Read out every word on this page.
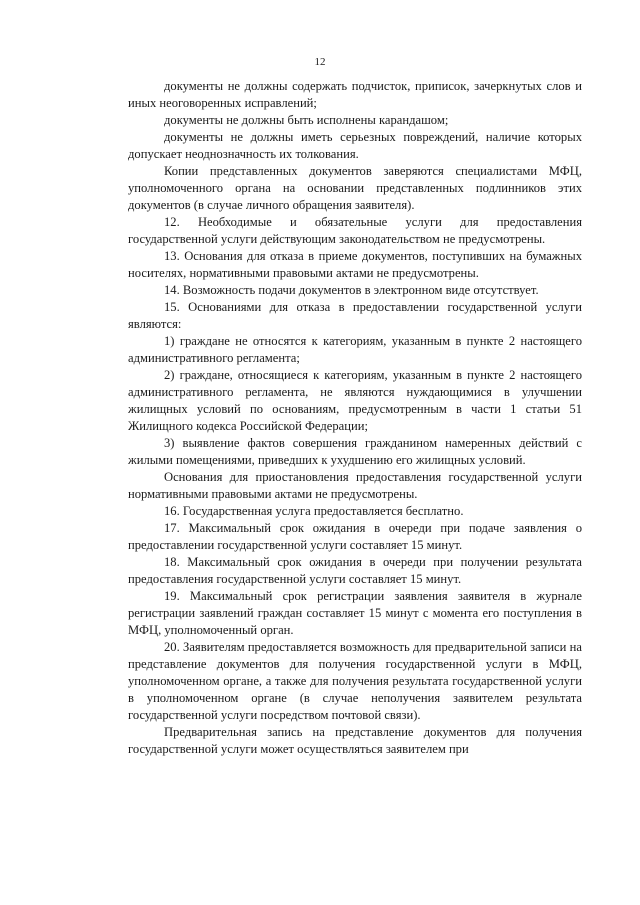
12

документы не должны содержать подчисток, приписок, зачеркнутых слов и иных неоговоренных исправлений;

документы не должны быть исполнены карандашом;

документы не должны иметь серьезных повреждений, наличие которых допускает неоднозначность их толкования.

Копии представленных документов заверяются специалистами МФЦ, уполномоченного органа на основании представленных подлинников этих документов (в случае личного обращения заявителя).

12. Необходимые и обязательные услуги для предоставления государственной услуги действующим законодательством не предусмотрены.

13. Основания для отказа в приеме документов, поступивших на бумажных носителях, нормативными правовыми актами не предусмотрены.

14. Возможность подачи документов в электронном виде отсутствует.

15. Основаниями для отказа в предоставлении государственной услуги являются:

1) граждане не относятся к категориям, указанным в пункте 2 настоящего административного регламента;

2) граждане, относящиеся к категориям, указанным в пункте 2 настоящего административного регламента, не являются нуждающимися в улучшении жилищных условий по основаниям, предусмотренным в части 1 статьи 51 Жилищного кодекса Российской Федерации;

3) выявление фактов совершения гражданином намеренных действий с жилыми помещениями, приведших к ухудшению его жилищных условий.

Основания для приостановления предоставления государственной услуги нормативными правовыми актами не предусмотрены.

16. Государственная услуга предоставляется бесплатно.

17. Максимальный срок ожидания в очереди при подаче заявления о предоставлении государственной услуги составляет 15 минут.

18. Максимальный срок ожидания в очереди при получении результата предоставления государственной услуги составляет 15 минут.

19. Максимальный срок регистрации заявления заявителя в журнале регистрации заявлений граждан составляет 15 минут с момента его поступления в МФЦ, уполномоченный орган.

20. Заявителям предоставляется возможность для предварительной записи на представление документов для получения государственной услуги в МФЦ, уполномоченном органе, а также для получения результата государственной услуги в уполномоченном органе (в случае неполучения заявителем результата государственной услуги посредством почтовой связи).

Предварительная запись на представление документов для получения государственной услуги может осуществляться заявителем при
